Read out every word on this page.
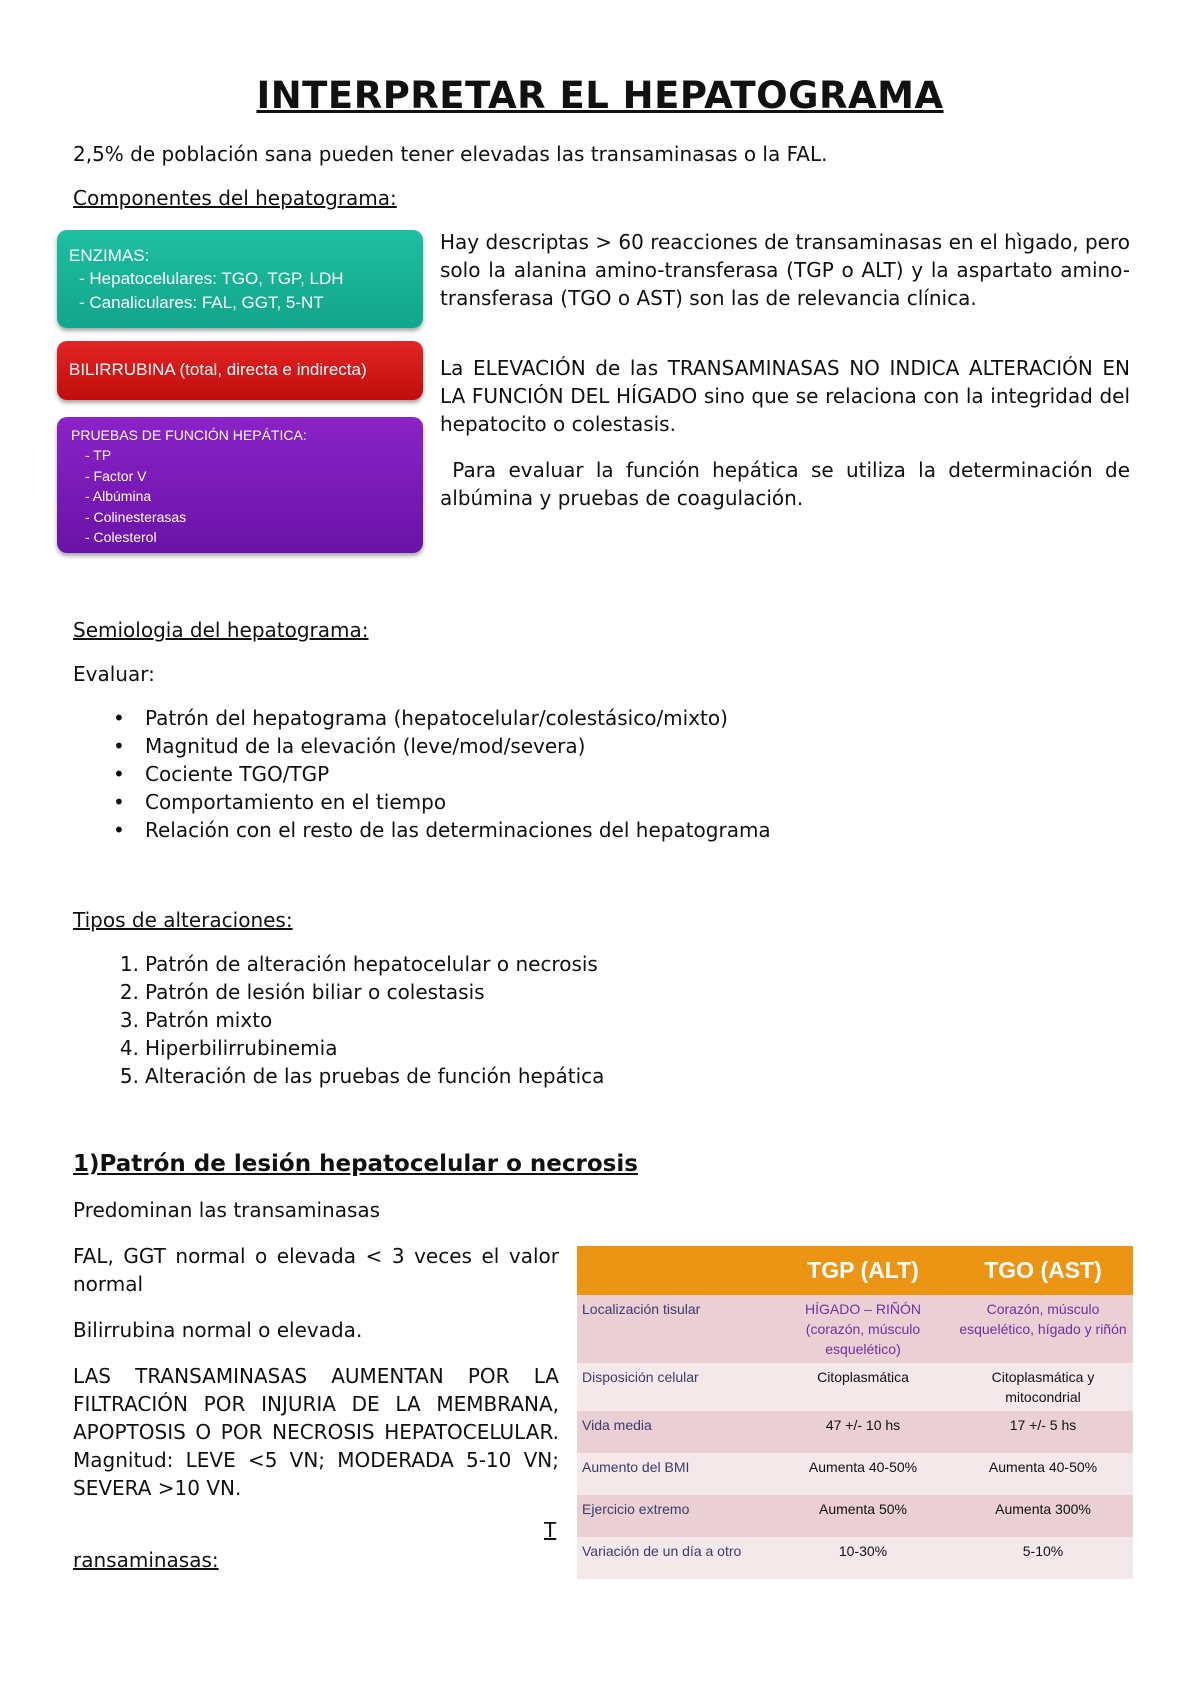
INTERPRETAR EL HEPATOGRAMA
2,5% de población sana pueden tener elevadas las transaminasas o la FAL.
Componentes del hepatograma:
ENZIMAS:
- Hepatocelulares: TGO, TGP, LDH
- Canaliculares: FAL, GGT, 5-NT
BILIRRUBINA (total, directa e indirecta)
PRUEBAS DE FUNCIÓN HEPÁTICA:
- TP
- Factor V
- Albúmina
- Colinesterasas
- Colesterol
Hay descriptas > 60 reacciones de transaminasas en el hìgado, pero solo la alanina amino-transferasa (TGP o ALT) y la aspartato amino-transferasa (TGO o AST) son las de relevancia clínica.
La ELEVACIÓN de las TRANSAMINASAS NO INDICA ALTERACIÓN EN LA FUNCIÓN DEL HÍGADO sino que se relaciona con la integridad del hepatocito o colestasis.
Para evaluar la función hepática se utiliza la determinación de albúmina y pruebas de coagulación.
Semiologia del hepatograma:
Evaluar:
• Patrón del hepatograma (hepatocelular/colestásico/mixto)
• Magnitud de la elevación (leve/mod/severa)
• Cociente TGO/TGP
• Comportamiento en el tiempo
• Relación con el resto de las determinaciones del hepatograma
Tipos de alteraciones:
1. Patrón de alteración hepatocelular o necrosis
2. Patrón de lesión biliar o colestasis
3. Patrón mixto
4. Hiperbilirrubinemia
5. Alteración de las pruebas de función hepática
1)Patrón de lesión hepatocelular o necrosis
Predominan las transaminasas
FAL, GGT normal o elevada < 3 veces el valor normal
Bilirrubina normal o elevada.
LAS TRANSAMINASAS AUMENTAN POR LA FILTRACIÓN POR INJURIA DE LA MEMBRANA, APOPTOSIS O POR NECROSIS HEPATOCELULAR. Magnitud: LEVE <5 VN; MODERADA 5-10 VN; SEVERA >10 VN.
T
ransaminasas:
	TGP (ALT)	TGO (AST)
Localización tisular	HÍGADO – RIÑÓN (corazón, músculo esquelético)	Corazón, músculo esquelético, hígado y riñón
Disposición celular	Citoplasmática	Citoplasmática y mitocondrial
Vida media	47 +/- 10 hs	17 +/- 5 hs
Aumento del BMI	Aumenta 40-50%	Aumenta 40-50%
Ejercicio extremo	Aumenta 50%	Aumenta 300%
Variación de un día a otro	10-30%	5-10%
